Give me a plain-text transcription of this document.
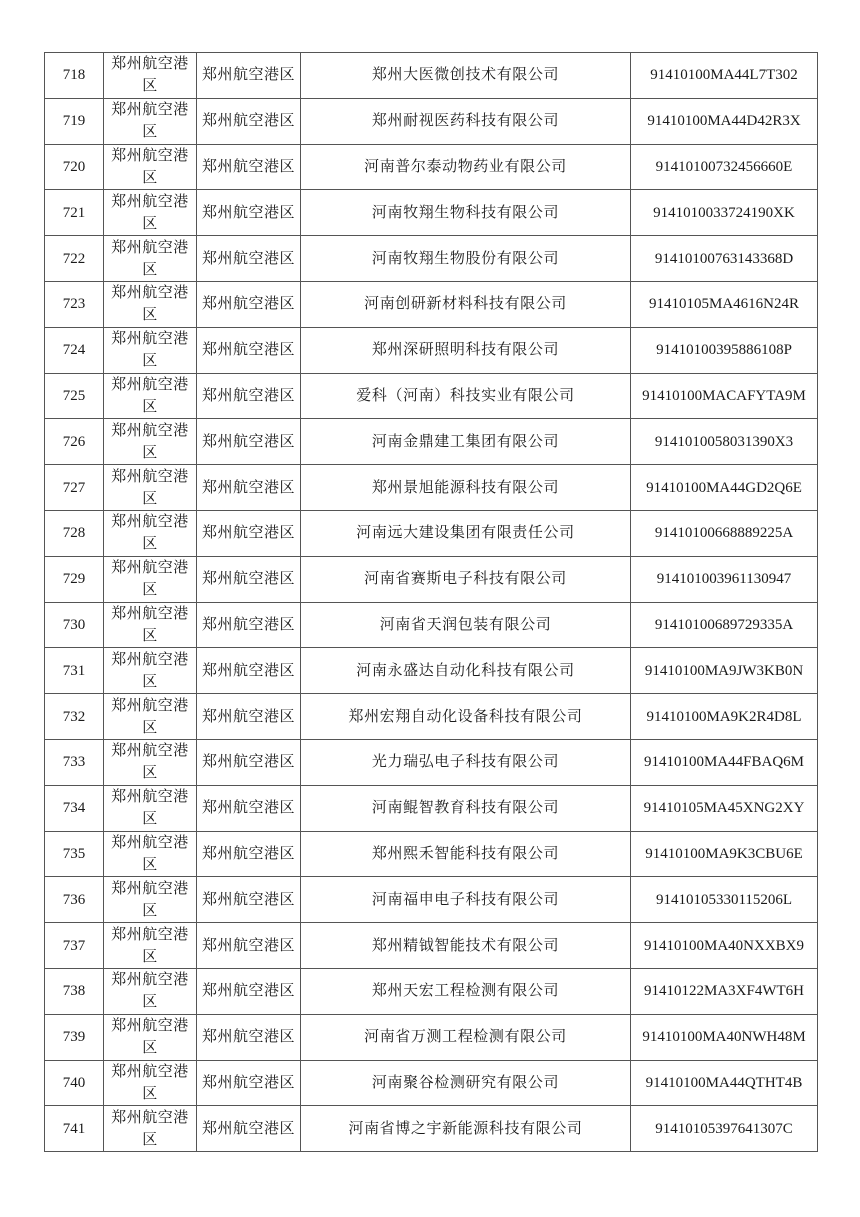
718	郑州航空港区	郑州航空港区	郑州大医微创技术有限公司	91410100MA44L7T302
719	郑州航空港区	郑州航空港区	郑州耐视医药科技有限公司	91410100MA44D42R3X
720	郑州航空港区	郑州航空港区	河南普尔泰动物药业有限公司	91410100732456660E
721	郑州航空港区	郑州航空港区	河南牧翔生物科技有限公司	9141010033724190XK
722	郑州航空港区	郑州航空港区	河南牧翔生物股份有限公司	91410100763143368D
723	郑州航空港区	郑州航空港区	河南创研新材料科技有限公司	91410105MA4616N24R
724	郑州航空港区	郑州航空港区	郑州深研照明科技有限公司	91410100395886108P
725	郑州航空港区	郑州航空港区	爱科（河南）科技实业有限公司	91410100MACAFYTA9M
726	郑州航空港区	郑州航空港区	河南金鼎建工集团有限公司	9141010058031390X3
727	郑州航空港区	郑州航空港区	郑州景旭能源科技有限公司	91410100MA44GD2Q6E
728	郑州航空港区	郑州航空港区	河南远大建设集团有限责任公司	91410100668889225A
729	郑州航空港区	郑州航空港区	河南省赛斯电子科技有限公司	914101003961130947
730	郑州航空港区	郑州航空港区	河南省天润包装有限公司	91410100689729335A
731	郑州航空港区	郑州航空港区	河南永盛达自动化科技有限公司	91410100MA9JW3KB0N
732	郑州航空港区	郑州航空港区	郑州宏翔自动化设备科技有限公司	91410100MA9K2R4D8L
733	郑州航空港区	郑州航空港区	光力瑞弘电子科技有限公司	91410100MA44FBAQ6M
734	郑州航空港区	郑州航空港区	河南鲲智教育科技有限公司	91410105MA45XNG2XY
735	郑州航空港区	郑州航空港区	郑州熙禾智能科技有限公司	91410100MA9K3CBU6E
736	郑州航空港区	郑州航空港区	河南福申电子科技有限公司	91410105330115206L
737	郑州航空港区	郑州航空港区	郑州精钺智能技术有限公司	91410100MA40NXXBX9
738	郑州航空港区	郑州航空港区	郑州天宏工程检测有限公司	91410122MA3XF4WT6H
739	郑州航空港区	郑州航空港区	河南省万测工程检测有限公司	91410100MA40NWH48M
740	郑州航空港区	郑州航空港区	河南聚谷检测研究有限公司	91410100MA44QTHT4B
741	郑州航空港区	郑州航空港区	河南省博之宇新能源科技有限公司	91410105397641307C
